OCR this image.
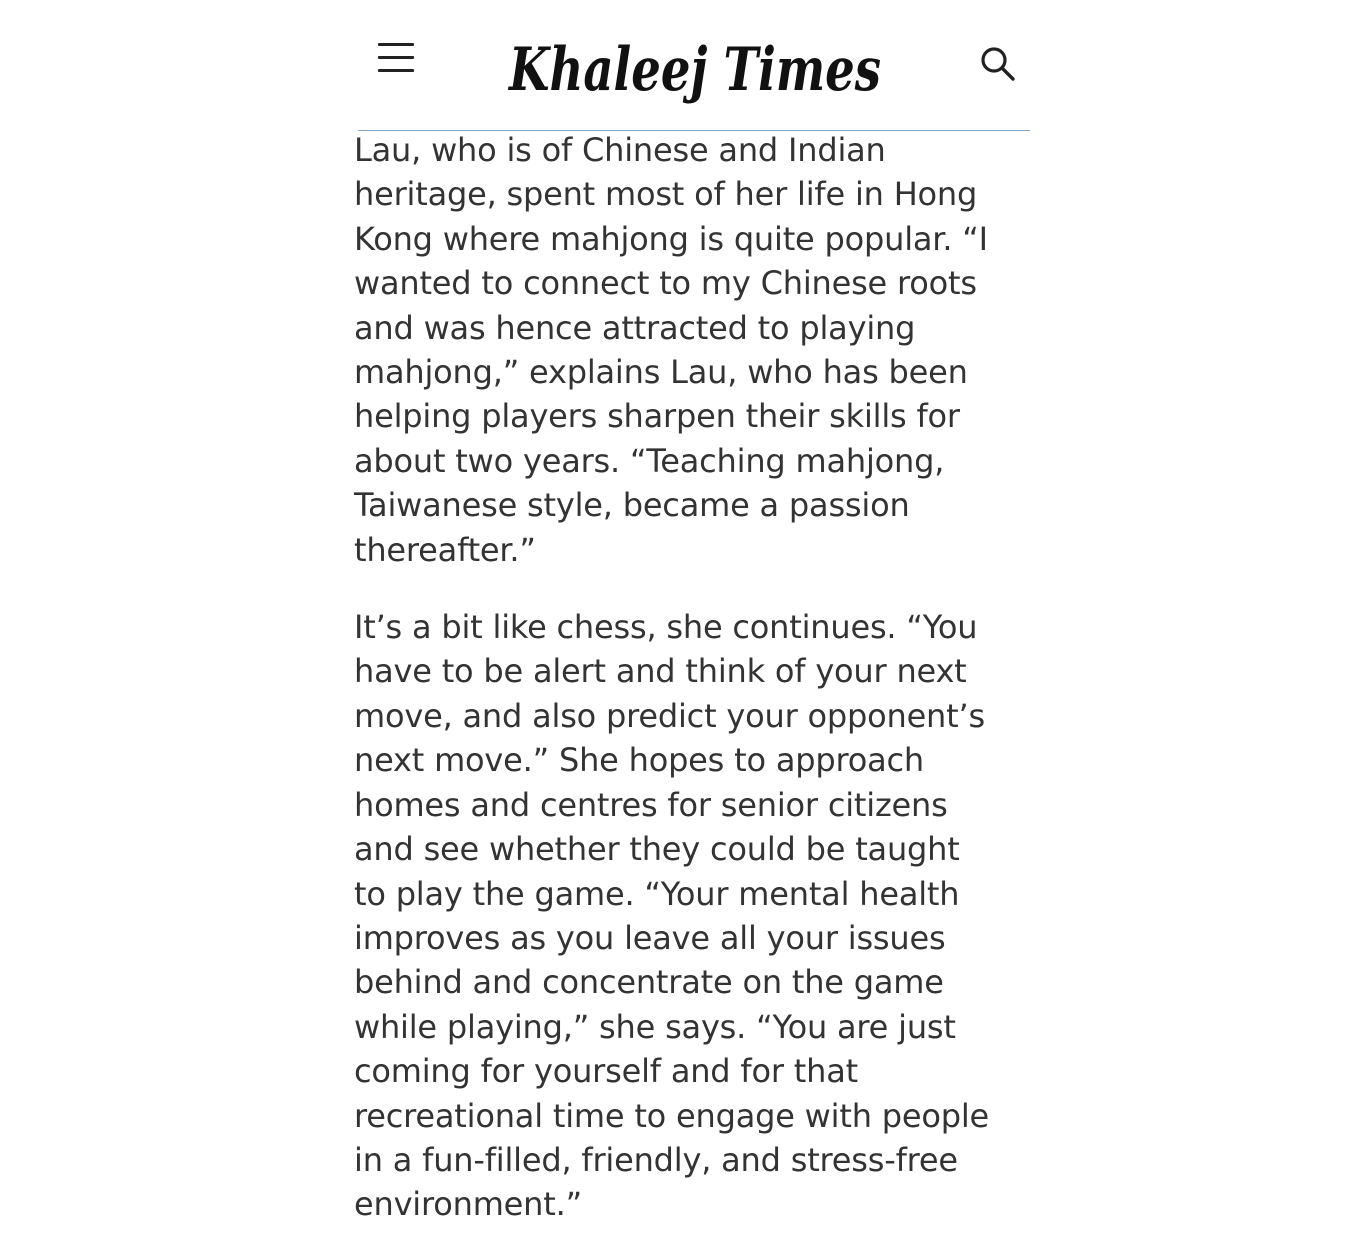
Khaleej Times

Lau, who is of Chinese and Indian heritage, spent most of her life in Hong Kong where mahjong is quite popular. “I wanted to connect to my Chinese roots and was hence attracted to playing mahjong,” explains Lau, who has been helping players sharpen their skills for about two years. “Teaching mahjong, Taiwanese style, became a passion thereafter.”

It’s a bit like chess, she continues. “You have to be alert and think of your next move, and also predict your opponent’s next move.” She hopes to approach homes and centres for senior citizens and see whether they could be taught to play the game. “Your mental health improves as you leave all your issues behind and concentrate on the game while playing,” she says. “You are just coming for yourself and for that recreational time to engage with people in a fun-filled, friendly, and stress-free environment.”
